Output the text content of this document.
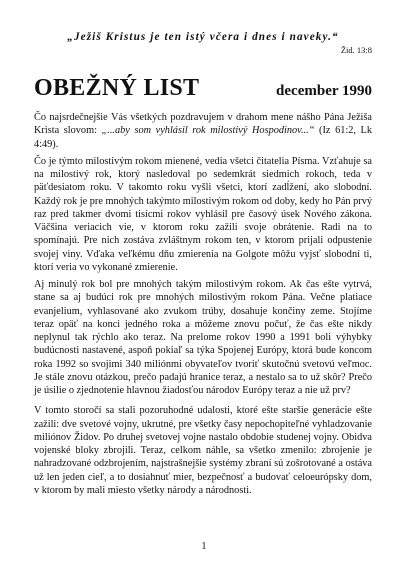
„Ježiš Kristus je ten istý včera i dnes i naveky.“
Žid. 13:8
OBEŽNÝ LIST	december 1990

Čo najsrdečnejšie Vás všetkých pozdravujem v drahom mene nášho Pána Ježiša Krista slovom: „...aby som vyhlásil rok milostivý Hospodinov...“ (Iz 61:2, Lk 4:49).

Čo je týmto milostivým rokom mienené, vedia všetci čitatelia Písma. Vzťahuje sa na milostivý rok, ktorý nasledoval po sedemkrát siedmich rokoch, teda v päťdesiatom roku. V takomto roku vyšli všetci, ktorí zadĺžení, ako slobodní. Každý rok je pre mnohých takýmto milostivým rokom od doby, kedy ho Pán prvý raz pred takmer dvomi tisícmi rokov vyhlásil pre časový úsek Nového zákona. Väčšina veriacich vie, v ktorom roku zažili svoje obrátenie. Radi na to spomínajú. Pre nich zostáva zvláštnym rokom ten, v ktorom prijali odpustenie svojej viny. Vďaka veľkému dňu zmierenia na Golgote môžu vyjsť slobodní ti, ktorí veria vo vykonané zmierenie.

Aj minulý rok bol pre mnohých takým milostivým rokom. Ak čas ešte vytrvá, stane sa aj budúci rok pre mnohých milostivým rokom Pána. Večne platiace evanjelium, vyhlasované ako zvukom trúby, dosahuje končiny zeme. Stojíme teraz opäť na konci jedného roka a môžeme znovu počuť, že čas ešte nikdy neplynul tak rýchlo ako teraz. Na prelome rokov 1990 a 1991 boli výhybky budúcnosti nastavené, aspoň pokiaľ sa týka Spojenej Európy, ktorá bude koncom roka 1992 so svojimi 340 miliónmi obyvateľov tvoriť skutočnú svetovú veľmoc. Je stále znovu otázkou, prečo padajú hranice teraz, a nestalo sa to už skôr? Prečo je úsilie o zjednotenie hlavnou žiadosťou národov Európy teraz a nie už prv?

V tomto storočí sa stali pozoruhodné udalosti, ktoré ešte staršie generácie ešte zažili: dve svetové vojny, ukrutné, pre všetky časy nepochopiteľné vyhladzovanie miliónov Židov. Po druhej svetovej vojne nastalo obdobie studenej vojny. Obidva vojenské bloky zbrojili. Teraz, celkom náhle, sa všetko zmenilo: zbrojenie je nahradzované odzbrojením, najstrašnejšie systémy zbraní sú zošrotované a ostáva už len jeden cieľ, a to dosiahnuť mier, bezpečnosť a budovať celoeurópsky dom, v ktorom by mali miesto všetky národy a národnosti.

1
